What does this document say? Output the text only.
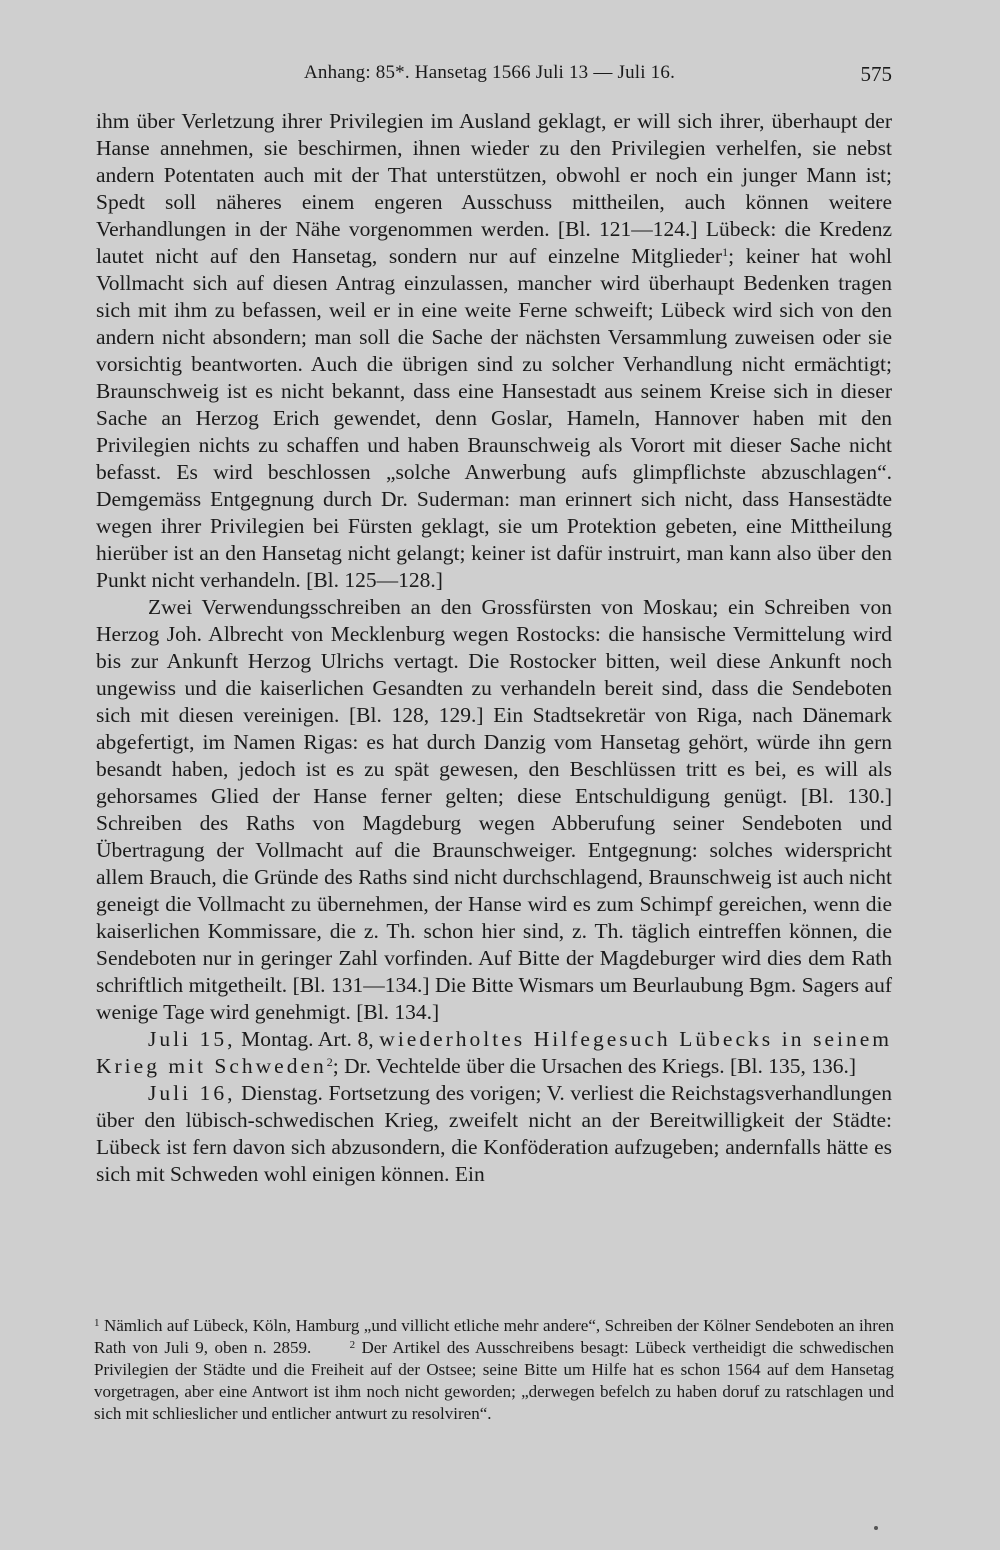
Anhang: 85*. Hansetag 1566 Juli 13 — Juli 16.	575

ihm über Verletzung ihrer Privilegien im Ausland geklagt, er will sich ihrer, überhaupt der Hanse annehmen, sie beschirmen, ihnen wieder zu den Privilegien verhelfen, sie nebst andern Potentaten auch mit der That unterstützen, obwohl er noch ein junger Mann ist; Spedt soll näheres einem engeren Ausschuss mittheilen, auch können weitere Verhandlungen in der Nähe vorgenommen werden. [Bl. 121—124.] Lübeck: die Kredenz lautet nicht auf den Hansetag, sondern nur auf einzelne Mitglieder$^1$; keiner hat wohl Vollmacht sich auf diesen Antrag einzulassen, mancher wird überhaupt Bedenken tragen sich mit ihm zu befassen, weil er in eine weite Ferne schweift; Lübeck wird sich von den andern nicht absondern; man soll die Sache der nächsten Versammlung zuweisen oder sie vorsichtig beantworten. Auch die übrigen sind zu solcher Verhandlung nicht ermächtigt; Braunschweig ist es nicht bekannt, dass eine Hansestadt aus seinem Kreise sich in dieser Sache an Herzog Erich gewendet, denn Goslar, Hameln, Hannover haben mit den Privilegien nichts zu schaffen und haben Braunschweig als Vorort mit dieser Sache nicht befasst. Es wird beschlossen „solche Anwerbung aufs glimpflichste abzuschlagen“. Demgemäss Entgegnung durch Dr. Suderman: man erinnert sich nicht, dass Hansestädte wegen ihrer Privilegien bei Fürsten geklagt, sie um Protektion gebeten, eine Mittheilung hierüber ist an den Hansetag nicht gelangt; keiner ist dafür instruirt, man kann also über den Punkt nicht verhandeln. [Bl. 125—128.]

Zwei Verwendungsschreiben an den Grossfürsten von Moskau; ein Schreiben von Herzog Joh. Albrecht von Mecklenburg wegen Rostocks: die hansische Vermittelung wird bis zur Ankunft Herzog Ulrichs vertagt. Die Rostocker bitten, weil diese Ankunft noch ungewiss und die kaiserlichen Gesandten zu verhandeln bereit sind, dass die Sendeboten sich mit diesen vereinigen. [Bl. 128, 129.] Ein Stadtsekretär von Riga, nach Dänemark abgefertigt, im Namen Rigas: es hat durch Danzig vom Hansetag gehört, würde ihn gern besandt haben, jedoch ist es zu spät gewesen, den Beschlüssen tritt es bei, es will als gehorsames Glied der Hanse ferner gelten; diese Entschuldigung genügt. [Bl. 130.] Schreiben des Raths von Magdeburg wegen Abberufung seiner Sendeboten und Übertragung der Vollmacht auf die Braunschweiger. Entgegnung: solches widerspricht allem Brauch, die Gründe des Raths sind nicht durchschlagend, Braunschweig ist auch nicht geneigt die Vollmacht zu übernehmen, der Hanse wird es zum Schimpf gereichen, wenn die kaiserlichen Kommissare, die z. Th. schon hier sind, z. Th. täglich eintreffen können, die Sendeboten nur in geringer Zahl vorfinden. Auf Bitte der Magdeburger wird dies dem Rath schriftlich mitgetheilt. [Bl. 131—134.] Die Bitte Wismars um Beurlaubung Bgm. Sagers auf wenige Tage wird genehmigt. [Bl. 134.]

Juli 15, Montag. Art. 8, wiederholtes Hilfegesuch Lübecks in seinem Krieg mit Schweden$^2$; Dr. Vechtelde über die Ursachen des Kriegs. [Bl. 135, 136.]

Juli 16, Dienstag. Fortsetzung des vorigen; V. verliest die Reichstagsverhandlungen über den lübisch-schwedischen Krieg, zweifelt nicht an der Bereitwilligkeit der Städte: Lübeck ist fern davon sich abzusondern, die Konföderation aufzugeben; andernfalls hätte es sich mit Schweden wohl einigen können. Ein

$^1$ Nämlich auf Lübeck, Köln, Hamburg „und villicht etliche mehr andere“, Schreiben der Kölner Sendeboten an ihren Rath von Juli 9, oben n. 2859.	$^2$ Der Artikel des Ausschreibens besagt: Lübeck vertheidigt die schwedischen Privilegien der Städte und die Freiheit auf der Ostsee; seine Bitte um Hilfe hat es schon 1564 auf dem Hansetag vorgetragen, aber eine Antwort ist ihm noch nicht geworden; „derwegen befelch zu haben doruf zu ratschlagen und sich mit schlieslicher und entlicher antwurt zu resolviren“.
